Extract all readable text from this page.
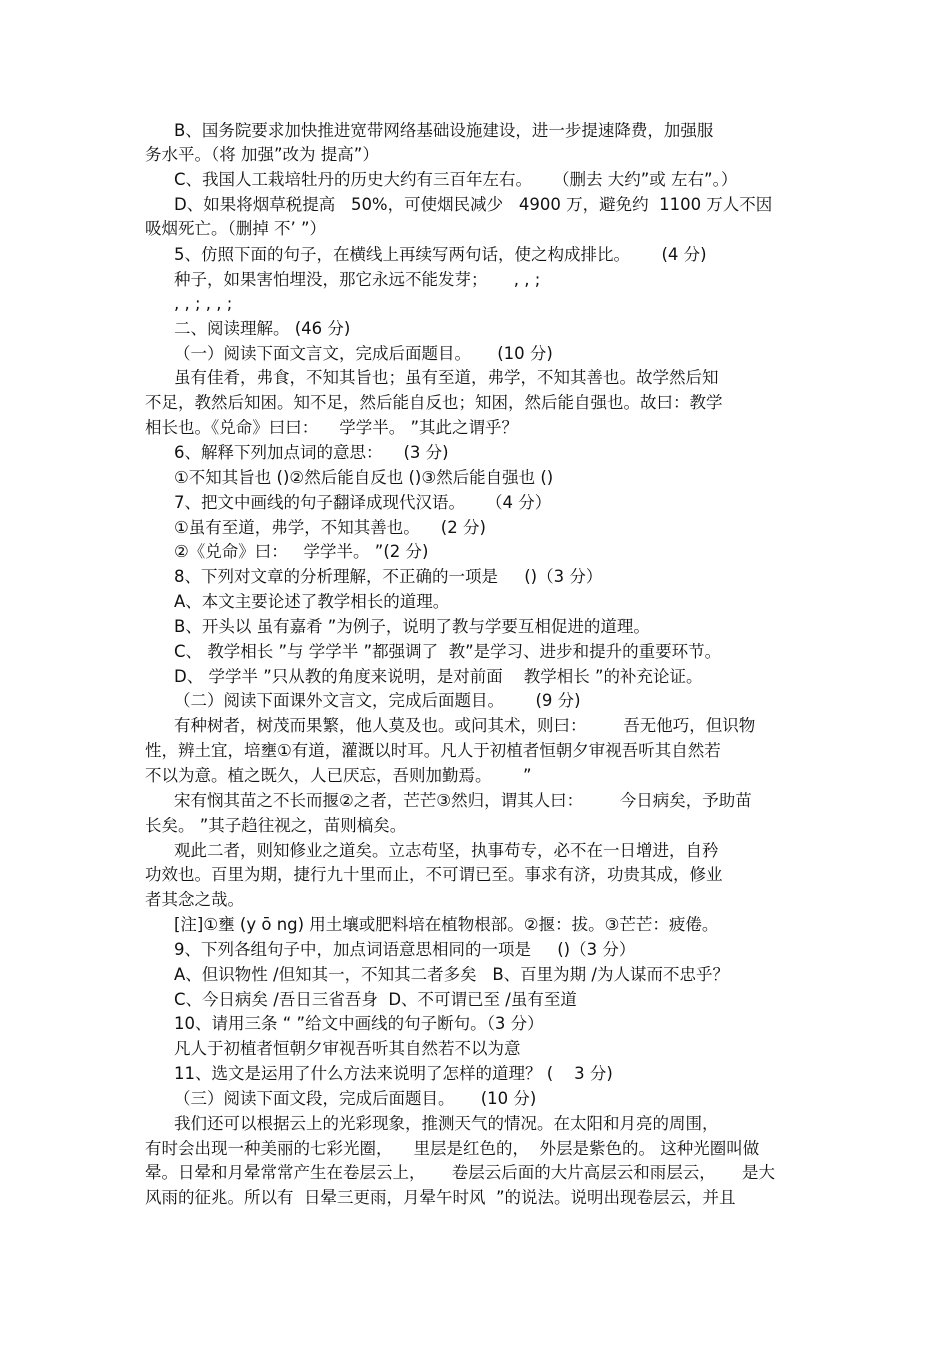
B、国务院要求加快推进宽带网络基础设施建设，进一步提速降费，加强服
务水平。（将 加强”改为 提高”）
C、我国人工栽培牡丹的历史大约有三百年左右。    （删去 大约”或 左右”。）
D、如果将烟草税提高   50%，可使烟民减少   4900 万，避免约  1100 万人不因
吸烟死亡。（删掉 不’ ”）
5、仿照下面的句子，在横线上再续写两句话，使之构成排比。      (4 分)
种子，如果害怕埋没，那它永远不能发芽；     , , ;
, , ; , , ;
二、阅读理解。 (46 分)
（一）阅读下面文言文，完成后面题目。     (10 分)
虽有佳肴，弗食，不知其旨也；虽有至道，弗学，不知其善也。故学然后知
不足，教然后知困。知不足，然后能自反也；知困，然后能自强也。故曰：教学
相长也。《兑命》曰曰：    学学半。 ”其此之谓乎？
6、解释下列加点词的意思：    (3 分)
①不知其旨也 ()②然后能自反也 ()③然后能自强也 ()
7、把文中画线的句子翻译成现代汉语。    （4 分）
①虽有至道，弗学，不知其善也。    (2 分)
②《兑命》曰：   学学半。 ”(2 分)
8、下列对文章的分析理解，不正确的一项是     ()（3 分）
A、本文主要论述了教学相长的道理。
B、开头以 虽有嘉肴 ”为例子，说明了教与学要互相促进的道理。
C、 教学相长 ”与 学学半 ”都强调了  教”是学习、进步和提升的重要环节。
D、 学学半 ”只从教的角度来说明，是对前面    教学相长 ”的补充论证。
（二）阅读下面课外文言文，完成后面题目。      (9 分)
有种树者，树茂而果繁，他人莫及也。或问其术，则曰：       吾无他巧，但识物
性，辨土宜，培壅①有道，灌溉以时耳。凡人于初植者恒朝夕审视吾听其自然若
不以为意。植之既久，人已厌忘，吾则加勤焉。      ”
宋有悯其苗之不长而揠②之者，芒芒③然归，谓其人曰：       今日病矣，予助苗
长矣。 ”其子趋往视之，苗则槁矣。
观此二者，则知修业之道矣。立志苟坚，执事苟专，必不在一日增进，自矜
功效也。百里为期，捷行九十里而止，不可谓已至。事求有济，功贵其成，修业
者其念之哉。
[注]①壅 (y ō ng) 用土壤或肥料培在植物根部。②揠：拔。③芒芒：疲倦。
9、下列各组句子中，加点词语意思相同的一项是     ()（3 分）
A、但识物性 /但知其一，不知其二者多矣   B、百里为期 /为人谋而不忠乎？
C、今日病矣 /吾日三省吾身  D、不可谓已至 /虽有至道
10、请用三条 “ ”给文中画线的句子断句。（3 分）
凡人于初植者恒朝夕审视吾听其自然若不以为意
11、选文是运用了什么方法来说明了怎样的道理？ (    3 分)
（三）阅读下面文段，完成后面题目。     (10 分)
我们还可以根据云上的光彩现象，推测天气的情况。在太阳和月亮的周围，
有时会出现一种美丽的七彩光圈，    里层是红色的，  外层是紫色的。 这种光圈叫做
晕。日晕和月晕常常产生在卷层云上，     卷层云后面的大片高层云和雨层云，     是大
风雨的征兆。所以有  日晕三更雨，月晕午时风  ”的说法。说明出现卷层云，并且
